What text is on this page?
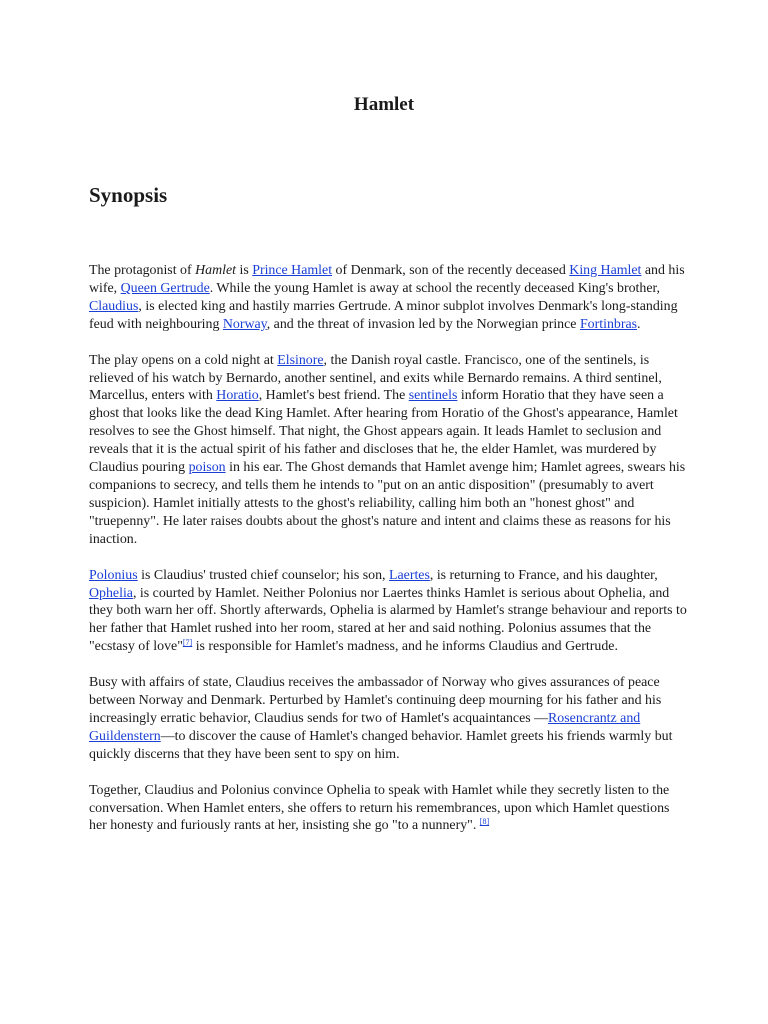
Hamlet
Synopsis

The protagonist of Hamlet is Prince Hamlet of Denmark, son of the recently deceased King Hamlet and his wife, Queen Gertrude. While the young Hamlet is away at school the recently deceased King's brother, Claudius, is elected king and hastily marries Gertrude. A minor subplot involves Denmark's long-standing feud with neighbouring Norway, and the threat of invasion led by the Norwegian prince Fortinbras.

The play opens on a cold night at Elsinore, the Danish royal castle. Francisco, one of the sentinels, is relieved of his watch by Bernardo, another sentinel, and exits while Bernardo remains. A third sentinel, Marcellus, enters with Horatio, Hamlet's best friend. The sentinels inform Horatio that they have seen a ghost that looks like the dead King Hamlet. After hearing from Horatio of the Ghost's appearance, Hamlet resolves to see the Ghost himself. That night, the Ghost appears again. It leads Hamlet to seclusion and reveals that it is the actual spirit of his father and discloses that he, the elder Hamlet, was murdered by Claudius pouring poison in his ear. The Ghost demands that Hamlet avenge him; Hamlet agrees, swears his companions to secrecy, and tells them he intends to "put on an antic disposition" (presumably to avert suspicion). Hamlet initially attests to the ghost's reliability, calling him both an "honest ghost" and "truepenny". He later raises doubts about the ghost's nature and intent and claims these as reasons for his inaction.

Polonius is Claudius' trusted chief counselor; his son, Laertes, is returning to France, and his daughter, Ophelia, is courted by Hamlet. Neither Polonius nor Laertes thinks Hamlet is serious about Ophelia, and they both warn her off. Shortly afterwards, Ophelia is alarmed by Hamlet's strange behaviour and reports to her father that Hamlet rushed into her room, stared at her and said nothing. Polonius assumes that the "ecstasy of love"[7] is responsible for Hamlet's madness, and he informs Claudius and Gertrude.

Busy with affairs of state, Claudius receives the ambassador of Norway who gives assurances of peace between Norway and Denmark. Perturbed by Hamlet's continuing deep mourning for his father and his increasingly erratic behavior, Claudius sends for two of Hamlet's acquaintances —Rosencrantz and Guildenstern—to discover the cause of Hamlet's changed behavior. Hamlet greets his friends warmly but quickly discerns that they have been sent to spy on him.

Together, Claudius and Polonius convince Ophelia to speak with Hamlet while they secretly listen to the conversation. When Hamlet enters, she offers to return his remembrances, upon which Hamlet questions her honesty and furiously rants at her, insisting she go "to a nunnery". [8]
